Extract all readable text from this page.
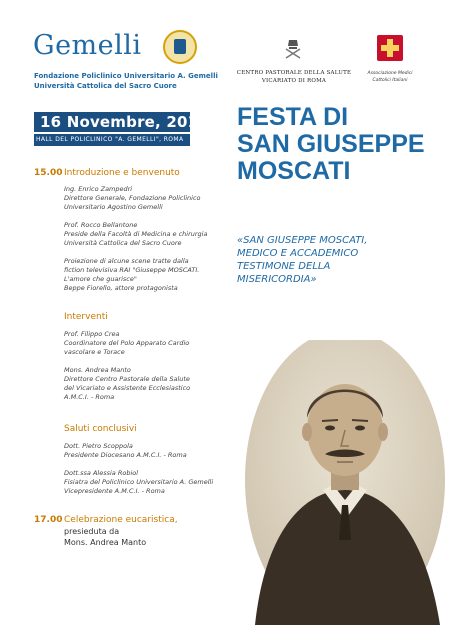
Gemelli
Fondazione Policlinico Universitario A. Gemelli
Università Cattolica del Sacro Cuore
CENTRO PASTORALE DELLA SALUTE
VICARIATO DI ROMA
Associazione Medici
Cattolici Italiani
16 Novembre, 2015
HALL DEL POLICLINICO "A. GEMELLI", ROMA
FESTA DI
SAN GIUSEPPE
MOSCATI
«SAN GIUSEPPE MOSCATI,
MEDICO E ACCADEMICO
TESTIMONE DELLA
MISERICORDIA»
15.00 Introduzione e benvenuto
Ing. Enrico Zampedri
Direttore Generale, Fondazione Policlinico
Universitario Agostino Gemelli
Prof. Rocco Bellantone
Preside della Facoltà di Medicina e chirurgia
Università Cattolica del Sacro Cuore
Proiezione di alcune scene tratte dalla
fiction televisiva RAI "Giuseppe MOSCATI.
L'amore che guarisce"
Beppe Fiorello, attore protagonista
Interventi
Prof. Filippo Crea
Coordinatore del Polo Apparato Cardio
vascolare e Torace
Mons. Andrea Manto
Direttore Centro Pastorale della Salute
del Vicariato e Assistente Ecclesiastico
A.M.C.I. - Roma
Saluti conclusivi
Dott. Pietro Scoppola
Presidente Diocesano A.M.C.I. - Roma
Dott.ssa Alessia Robiol
Fisiatra del Policlinico Universitario A. Gemelli
Vicepresidente A.M.C.I. - Roma
17.00 Celebrazione eucaristica,
presieduta da
Mons. Andrea Manto
